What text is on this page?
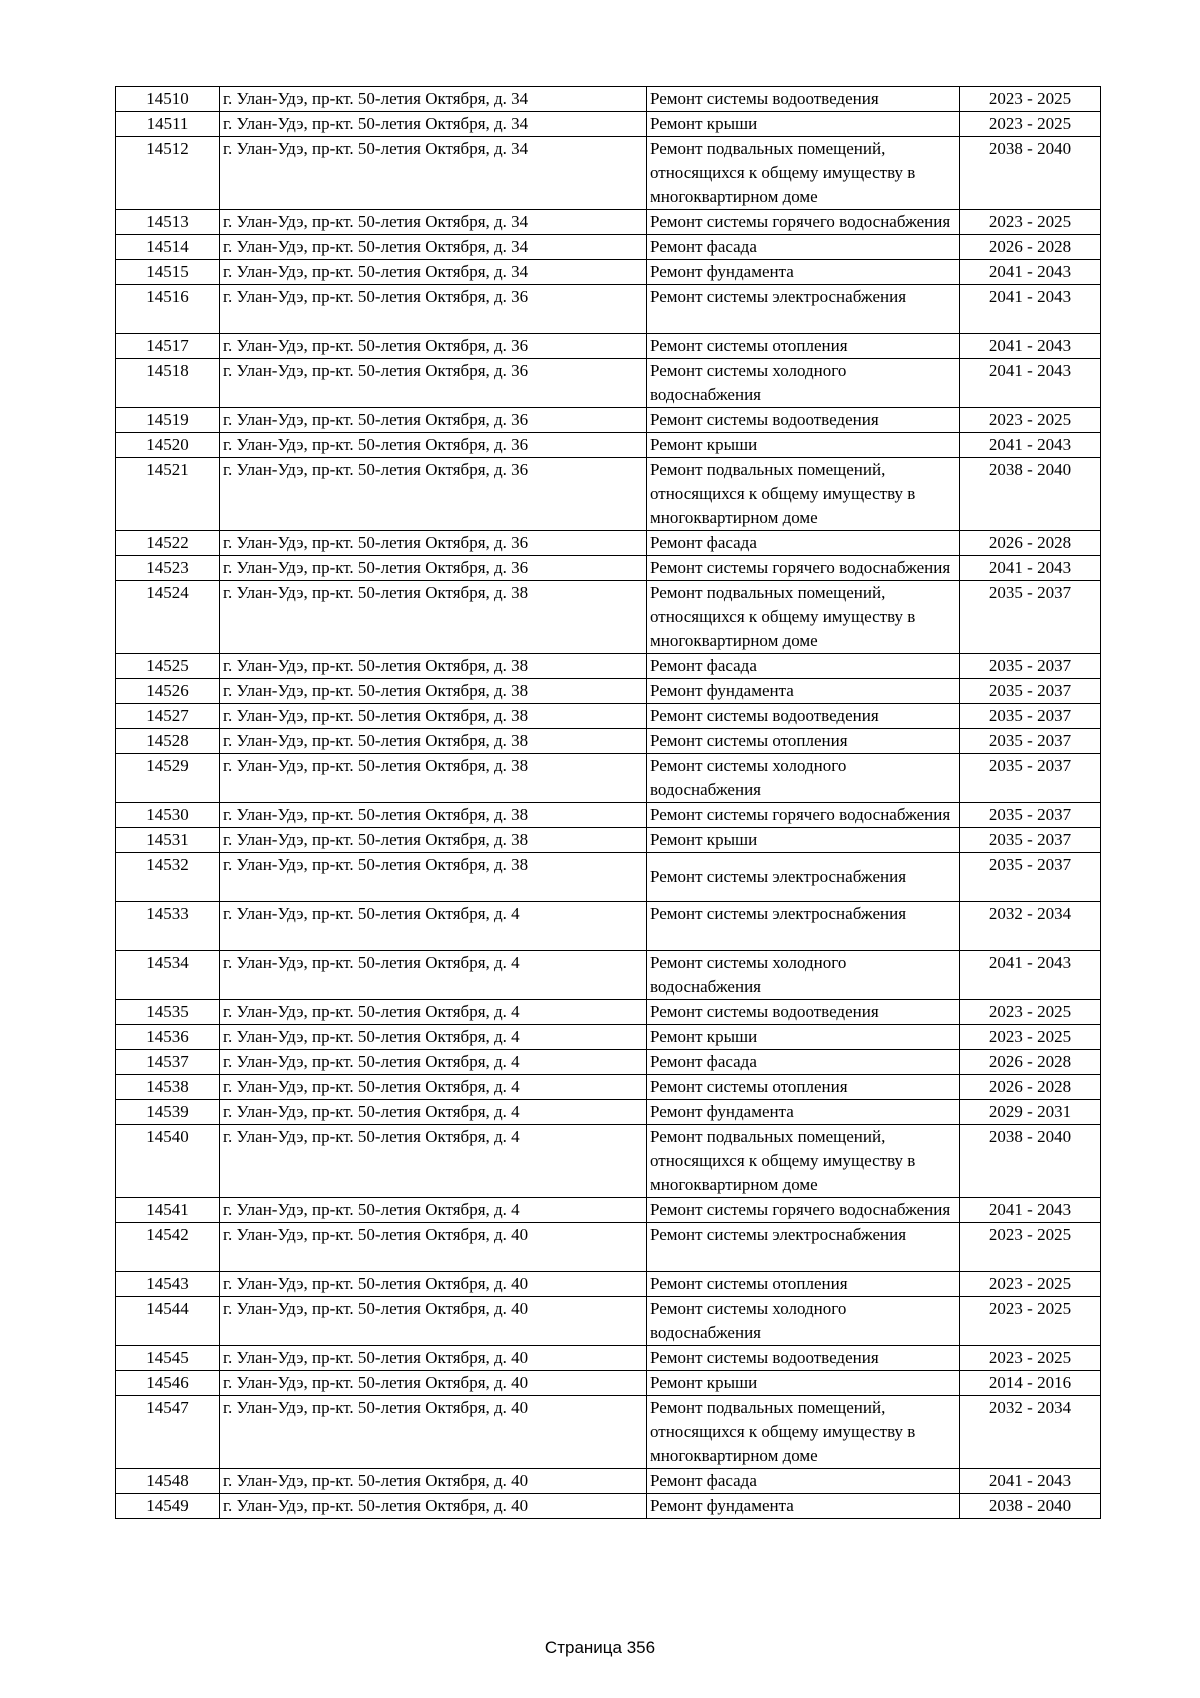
14510	г. Улан-Удэ, пр-кт. 50-летия Октября, д. 34	Ремонт системы водоотведения	2023 - 2025
14511	г. Улан-Удэ, пр-кт. 50-летия Октября, д. 34	Ремонт крыши	2023 - 2025
14512	г. Улан-Удэ, пр-кт. 50-летия Октября, д. 34	Ремонт подвальных помещений, относящихся к общему имуществу в многоквартирном доме	2038 - 2040
14513	г. Улан-Удэ, пр-кт. 50-летия Октября, д. 34	Ремонт системы горячего водоснабжения	2023 - 2025
14514	г. Улан-Удэ, пр-кт. 50-летия Октября, д. 34	Ремонт фасада	2026 - 2028
14515	г. Улан-Удэ, пр-кт. 50-летия Октября, д. 34	Ремонт фундамента	2041 - 2043
14516	г. Улан-Удэ, пр-кт. 50-летия Октября, д. 36	Ремонт системы электроснабжения	2041 - 2043
14517	г. Улан-Удэ, пр-кт. 50-летия Октября, д. 36	Ремонт системы отопления	2041 - 2043
14518	г. Улан-Удэ, пр-кт. 50-летия Октября, д. 36	Ремонт системы холодного водоснабжения	2041 - 2043
14519	г. Улан-Удэ, пр-кт. 50-летия Октября, д. 36	Ремонт системы водоотведения	2023 - 2025
14520	г. Улан-Удэ, пр-кт. 50-летия Октября, д. 36	Ремонт крыши	2041 - 2043
14521	г. Улан-Удэ, пр-кт. 50-летия Октября, д. 36	Ремонт подвальных помещений, относящихся к общему имуществу в многоквартирном доме	2038 - 2040
14522	г. Улан-Удэ, пр-кт. 50-летия Октября, д. 36	Ремонт фасада	2026 - 2028
14523	г. Улан-Удэ, пр-кт. 50-летия Октября, д. 36	Ремонт системы горячего водоснабжения	2041 - 2043
14524	г. Улан-Удэ, пр-кт. 50-летия Октября, д. 38	Ремонт подвальных помещений, относящихся к общему имуществу в многоквартирном доме	2035 - 2037
14525	г. Улан-Удэ, пр-кт. 50-летия Октября, д. 38	Ремонт фасада	2035 - 2037
14526	г. Улан-Удэ, пр-кт. 50-летия Октября, д. 38	Ремонт фундамента	2035 - 2037
14527	г. Улан-Удэ, пр-кт. 50-летия Октября, д. 38	Ремонт системы водоотведения	2035 - 2037
14528	г. Улан-Удэ, пр-кт. 50-летия Октября, д. 38	Ремонт системы отопления	2035 - 2037
14529	г. Улан-Удэ, пр-кт. 50-летия Октября, д. 38	Ремонт системы холодного водоснабжения	2035 - 2037
14530	г. Улан-Удэ, пр-кт. 50-летия Октября, д. 38	Ремонт системы горячего водоснабжения	2035 - 2037
14531	г. Улан-Удэ, пр-кт. 50-летия Октября, д. 38	Ремонт крыши	2035 - 2037
14532	г. Улан-Удэ, пр-кт. 50-летия Октября, д. 38	Ремонт системы электроснабжения	2035 - 2037
14533	г. Улан-Удэ, пр-кт. 50-летия Октября, д. 4	Ремонт системы электроснабжения	2032 - 2034
14534	г. Улан-Удэ, пр-кт. 50-летия Октября, д. 4	Ремонт системы холодного водоснабжения	2041 - 2043
14535	г. Улан-Удэ, пр-кт. 50-летия Октября, д. 4	Ремонт системы водоотведения	2023 - 2025
14536	г. Улан-Удэ, пр-кт. 50-летия Октября, д. 4	Ремонт крыши	2023 - 2025
14537	г. Улан-Удэ, пр-кт. 50-летия Октября, д. 4	Ремонт фасада	2026 - 2028
14538	г. Улан-Удэ, пр-кт. 50-летия Октября, д. 4	Ремонт системы отопления	2026 - 2028
14539	г. Улан-Удэ, пр-кт. 50-летия Октября, д. 4	Ремонт фундамента	2029 - 2031
14540	г. Улан-Удэ, пр-кт. 50-летия Октября, д. 4	Ремонт подвальных помещений, относящихся к общему имуществу в многоквартирном доме	2038 - 2040
14541	г. Улан-Удэ, пр-кт. 50-летия Октября, д. 4	Ремонт системы горячего водоснабжения	2041 - 2043
14542	г. Улан-Удэ, пр-кт. 50-летия Октября, д. 40	Ремонт системы электроснабжения	2023 - 2025
14543	г. Улан-Удэ, пр-кт. 50-летия Октября, д. 40	Ремонт системы отопления	2023 - 2025
14544	г. Улан-Удэ, пр-кт. 50-летия Октября, д. 40	Ремонт системы холодного водоснабжения	2023 - 2025
14545	г. Улан-Удэ, пр-кт. 50-летия Октября, д. 40	Ремонт системы водоотведения	2023 - 2025
14546	г. Улан-Удэ, пр-кт. 50-летия Октября, д. 40	Ремонт крыши	2014 - 2016
14547	г. Улан-Удэ, пр-кт. 50-летия Октября, д. 40	Ремонт подвальных помещений, относящихся к общему имуществу в многоквартирном доме	2032 - 2034
14548	г. Улан-Удэ, пр-кт. 50-летия Октября, д. 40	Ремонт фасада	2041 - 2043
14549	г. Улан-Удэ, пр-кт. 50-летия Октября, д. 40	Ремонт фундамента	2038 - 2040
Страница 356
